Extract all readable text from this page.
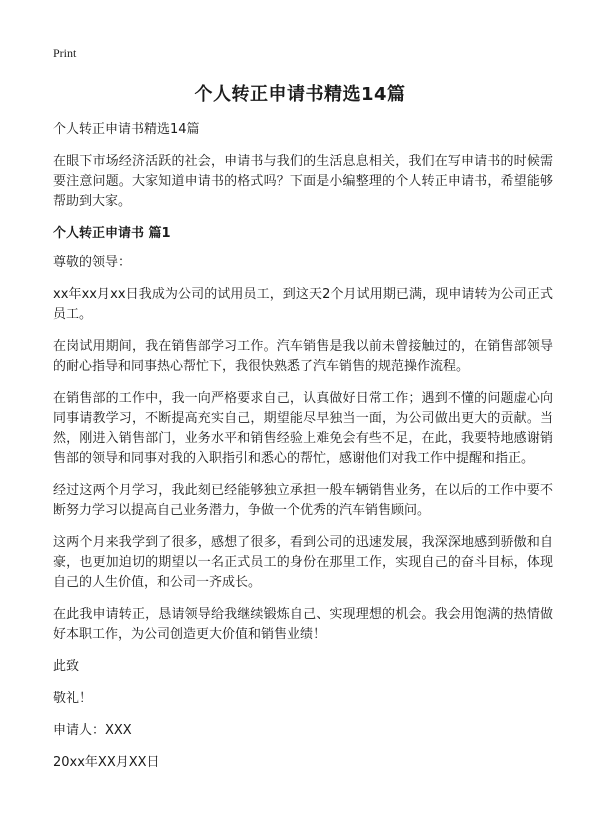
Print
个人转正申请书精选14篇

个人转正申请书精选14篇

在眼下市场经济活跃的社会，申请书与我们的生活息息相关，我们在写申请书的时候需要注意问题。大家知道申请书的格式吗？下面是小编整理的个人转正申请书，希望能够帮助到大家。

个人转正申请书 篇1

尊敬的领导：

xx年xx月xx日我成为公司的试用员工，到这天2个月试用期已满，现申请转为公司正式员工。

在岗试用期间，我在销售部学习工作。汽车销售是我以前未曾接触过的，在销售部领导的耐心指导和同事热心帮忙下，我很快熟悉了汽车销售的规范操作流程。

在销售部的工作中，我一向严格要求自己，认真做好日常工作；遇到不懂的问题虚心向同事请教学习，不断提高充实自己，期望能尽早独当一面，为公司做出更大的贡献。当然，刚进入销售部门，业务水平和销售经验上难免会有些不足，在此，我要特地感谢销售部的领导和同事对我的入职指引和悉心的帮忙，感谢他们对我工作中提醒和指正。

经过这两个月学习，我此刻已经能够独立承担一般车辆销售业务，在以后的工作中要不断努力学习以提高自己业务潜力，争做一个优秀的汽车销售顾问。

这两个月来我学到了很多，感想了很多，看到公司的迅速发展，我深深地感到骄傲和自豪，也更加迫切的期望以一名正式员工的身份在那里工作，实现自己的奋斗目标，体现自己的人生价值，和公司一齐成长。

在此我申请转正，恳请领导给我继续锻炼自己、实现理想的机会。我会用饱满的热情做好本职工作，为公司创造更大价值和销售业绩！

此致

敬礼！

申请人：XXX

20xx年XX月XX日
